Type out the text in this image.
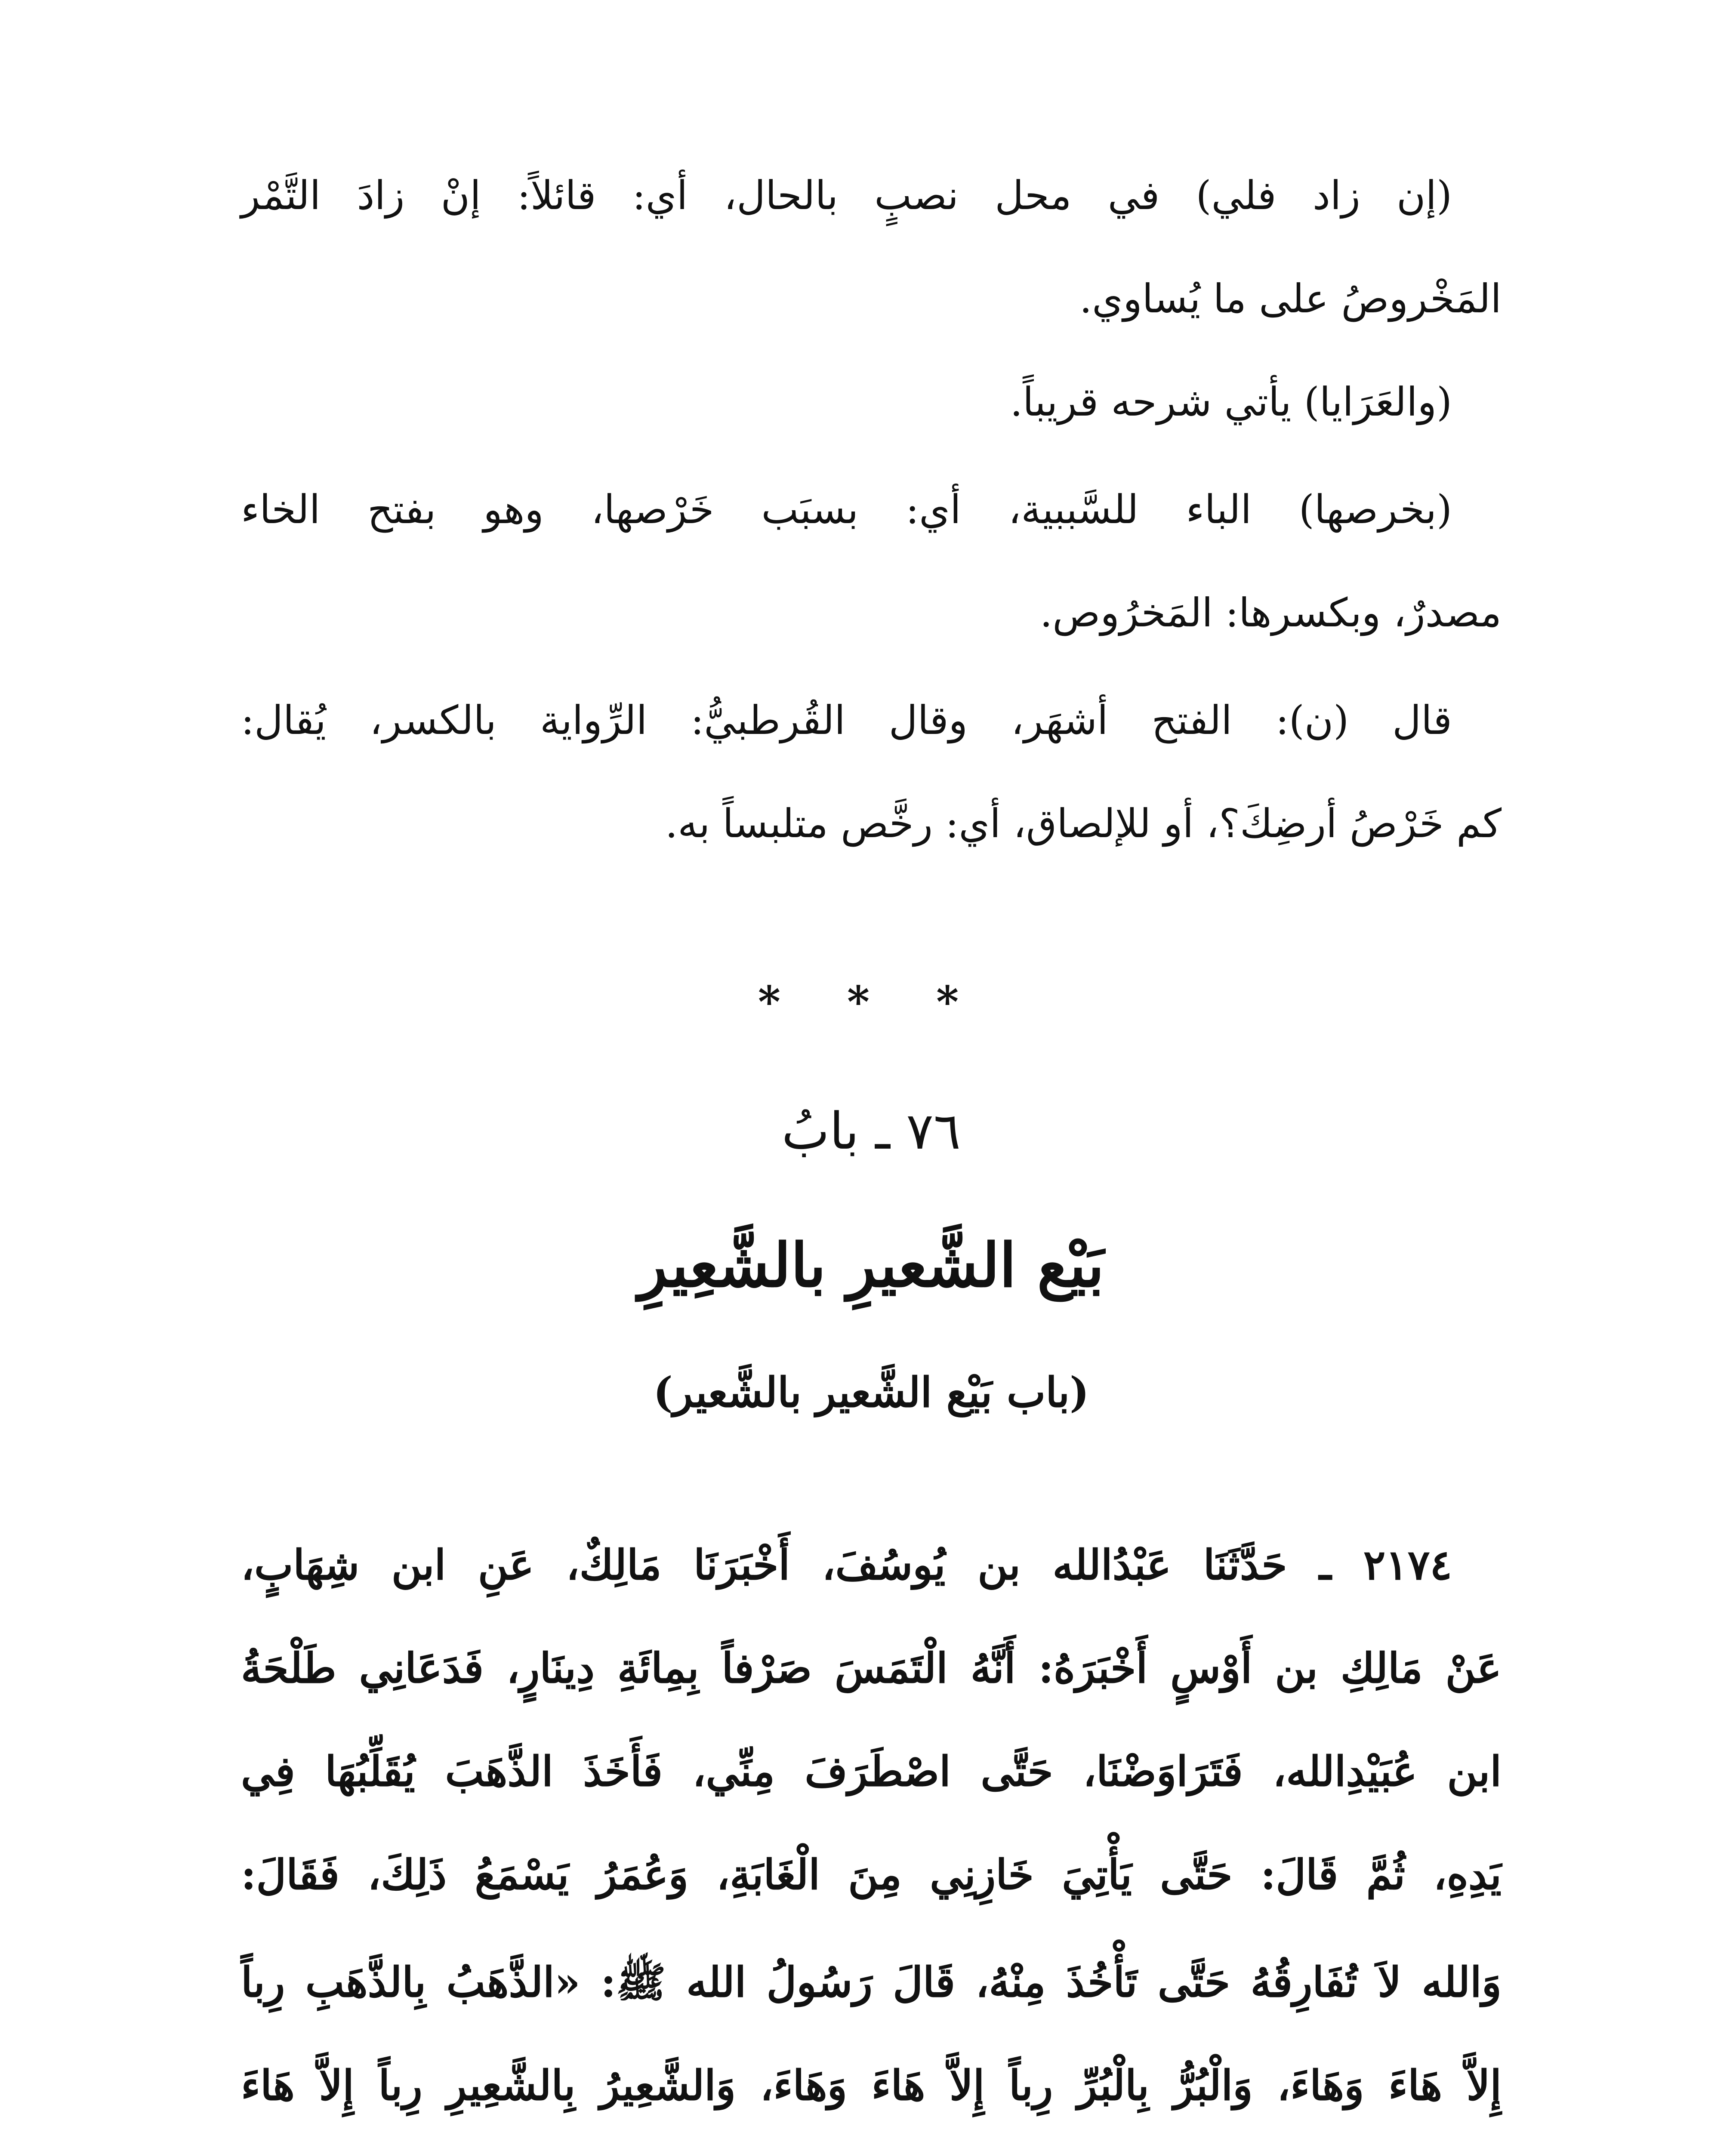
(إن زاد فلي) في محل نصبٍ بالحال، أي: قائلاً: إنْ زادَ التَّمْر
المَخْروصُ على ما يُساوي.
(والعَرَايا) يأتي شرحه قريباً.
(بخرصها) الباء للسَّببية، أي: بسبَب خَرْصها، وهو بفتح الخاء
مصدرٌ، وبكسرها: المَخرُوص.
قال (ن): الفتح أشهَر، وقال القُرطبيُّ: الرِّواية بالكسر، يُقال:
كم خَرْصُ أرضِكَ؟، أو للإلصاق، أي: رخَّص متلبساً به.
* * *
٧٦ ـ بابُ
بَيْع الشَّعيرِ بالشَّعِيرِ
(باب بَيْع الشَّعير بالشَّعير)
٢١٧٤ ـ حَدَّثَنَا عَبْدُالله بن يُوسُفَ، أَخْبَرَنَا مَالِكٌ، عَنِ ابن شِهَابٍ،
عَنْ مَالِكِ بن أَوْسٍ أَخْبَرَهُ: أَنَّهُ الْتَمَسَ صَرْفاً بِمِائَةِ دِينَارٍ، فَدَعَانِي طَلْحَةُ
ابن عُبَيْدِالله، فَتَرَاوَضْنَا، حَتَّى اصْطَرَفَ مِنِّي، فَأَخَذَ الذَّهَبَ يُقَلِّبُهَا فِي
يَدِهِ، ثُمَّ قَالَ: حَتَّى يَأْتِيَ خَازِنِي مِنَ الْغَابَةِ، وَعُمَرُ يَسْمَعُ ذَلِكَ، فَقَالَ:
وَالله لاَ تُفَارِقُهُ حَتَّى تَأْخُذَ مِنْهُ، قَالَ رَسُولُ الله ﷺ: «الذَّهَبُ بِالذَّهَبِ رِباً
إِلاَّ هَاءَ وَهَاءَ، وَالْبُرُّ بِالْبُرِّ رِباً إِلاَّ هَاءَ وَهَاءَ، وَالشَّعِيرُ بِالشَّعِيرِ رِباً إِلاَّ هَاءَ
